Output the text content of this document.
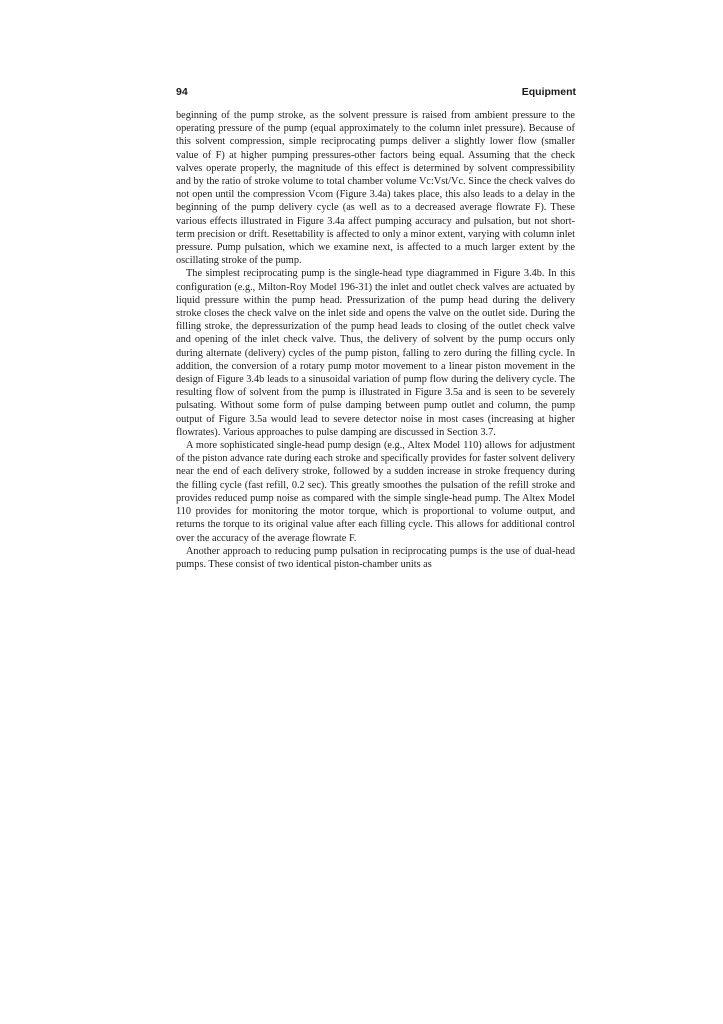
94	Equipment

beginning of the pump stroke, as the solvent pressure is raised from ambient pressure to the operating pressure of the pump (equal approximately to the column inlet pressure). Because of this solvent compression, simple reciprocating pumps deliver a slightly lower flow (smaller value of F) at higher pumping pressures-other factors being equal. Assuming that the check valves operate properly, the magnitude of this effect is determined by solvent compressibility and by the ratio of stroke volume to total chamber volume Vc:Vst/Vc. Since the check valves do not open until the compression Vcom (Figure 3.4a) takes place, this also leads to a delay in the beginning of the pump delivery cycle (as well as to a decreased average flowrate F). These various effects illustrated in Figure 3.4a affect pumping accuracy and pulsation, but not short-term precision or drift. Resettability is affected to only a minor extent, varying with column inlet pressure. Pump pulsation, which we examine next, is affected to a much larger extent by the oscillating stroke of the pump.

The simplest reciprocating pump is the single-head type diagrammed in Figure 3.4b. In this configuration (e.g., Milton-Roy Model 196-31) the inlet and outlet check valves are actuated by liquid pressure within the pump head. Pressurization of the pump head during the delivery stroke closes the check valve on the inlet side and opens the valve on the outlet side. During the filling stroke, the depressurization of the pump head leads to closing of the outlet check valve and opening of the inlet check valve. Thus, the delivery of solvent by the pump occurs only during alternate (delivery) cycles of the pump piston, falling to zero during the filling cycle. In addition, the conversion of a rotary pump motor movement to a linear piston movement in the design of Figure 3.4b leads to a sinusoidal variation of pump flow during the delivery cycle. The resulting flow of solvent from the pump is illustrated in Figure 3.5a and is seen to be severely pulsating. Without some form of pulse damping between pump outlet and column, the pump output of Figure 3.5a would lead to severe detector noise in most cases (increasing at higher flowrates). Various approaches to pulse damping are discussed in Section 3.7.

A more sophisticated single-head pump design (e.g., Altex Model 110) allows for adjustment of the piston advance rate during each stroke and specifically provides for faster solvent delivery near the end of each delivery stroke, followed by a sudden increase in stroke frequency during the filling cycle (fast refill, 0.2 sec). This greatly smoothes the pulsation of the refill stroke and provides reduced pump noise as compared with the simple single-head pump. The Altex Model 110 provides for monitoring the motor torque, which is proportional to volume output, and returns the torque to its original value after each filling cycle. This allows for additional control over the accuracy of the average flowrate F.

Another approach to reducing pump pulsation in reciprocating pumps is the use of dual-head pumps. These consist of two identical piston-chamber units as
